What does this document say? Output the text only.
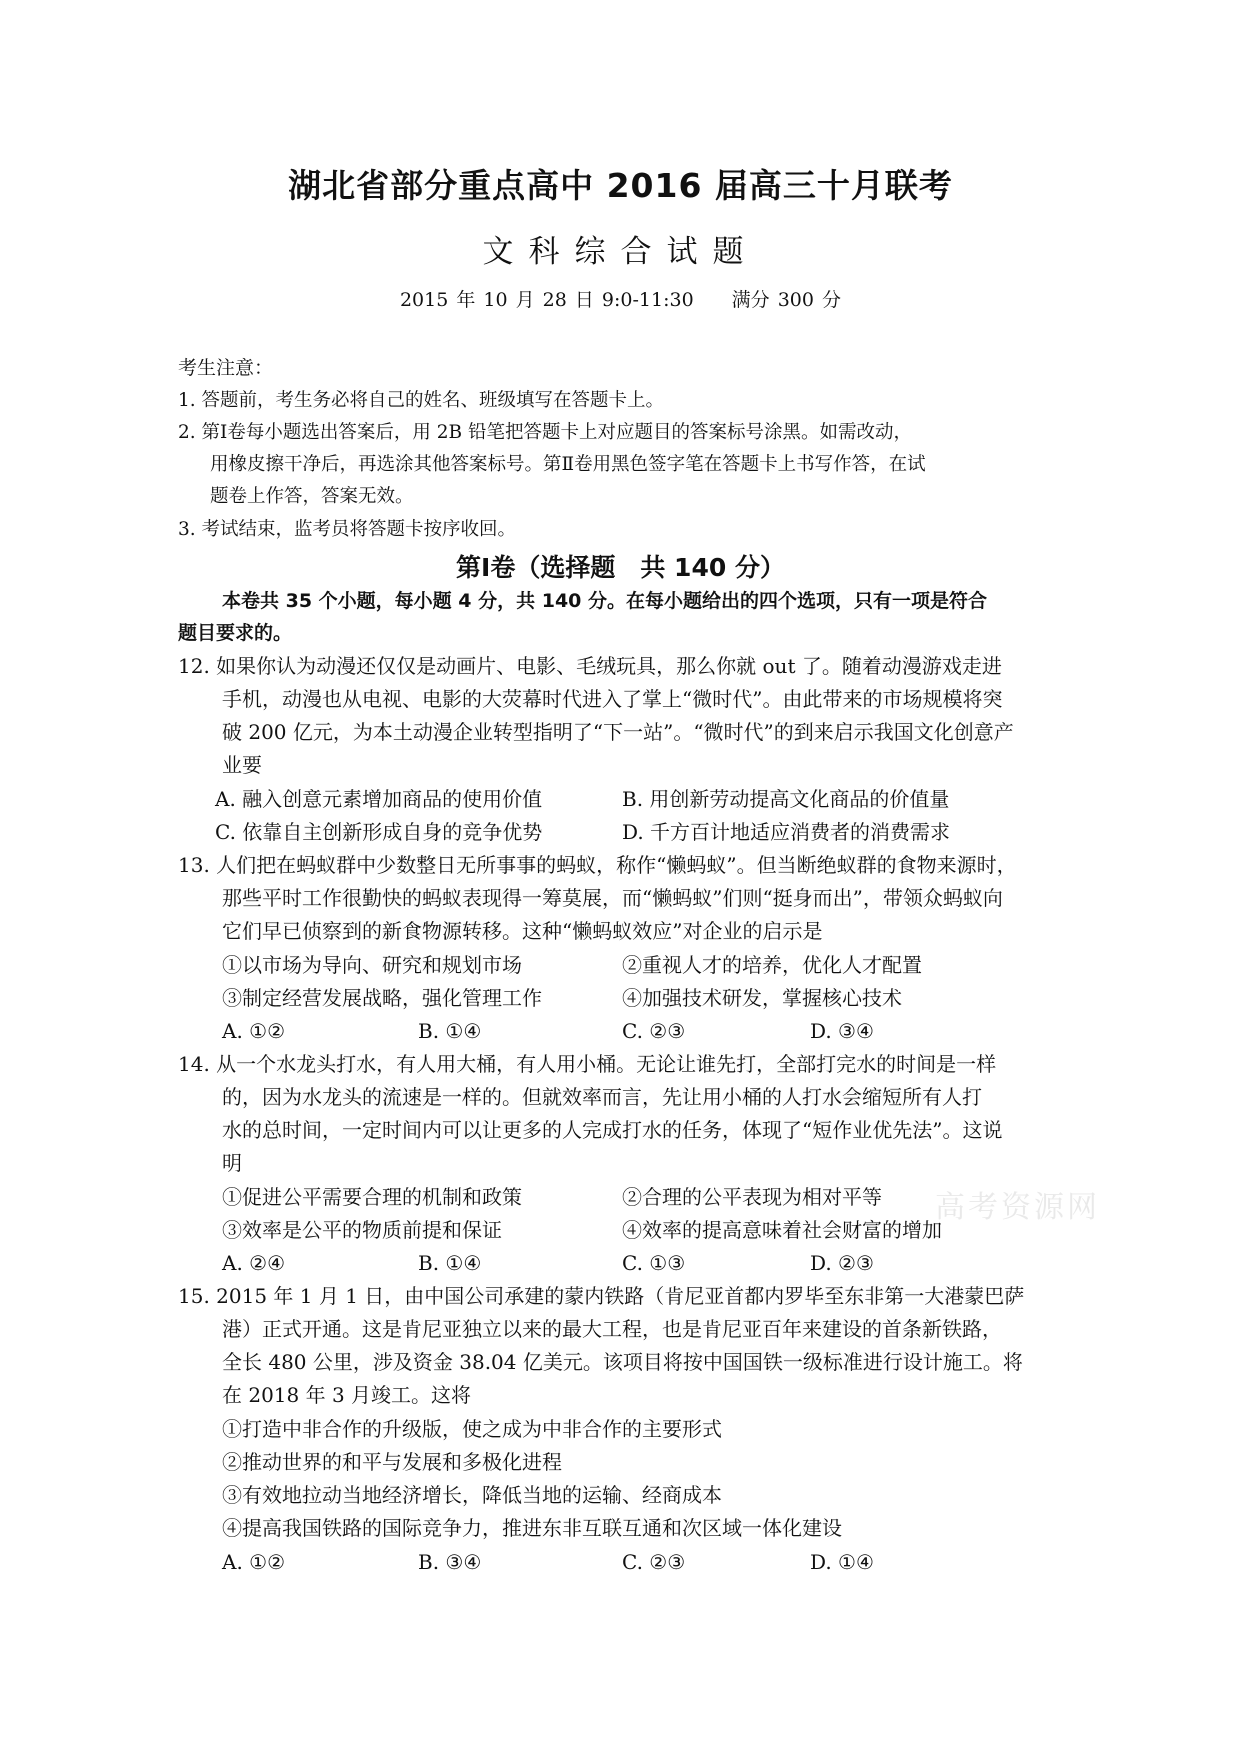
湖北省部分重点高中 2016 届高三十月联考
文科综合试题
2015 年 10 月 28 日 9:0-11:30　　满分 300 分
考生注意：
1. 答题前，考生务必将自己的姓名、班级填写在答题卡上。
2. 第Ⅰ卷每小题选出答案后，用 2B 铅笔把答题卡上对应题目的答案标号涂黑。如需改动，
用橡皮擦干净后，再选涂其他答案标号。第Ⅱ卷用黑色签字笔在答题卡上书写作答，在试
题卷上作答，答案无效。
3. 考试结束，监考员将答题卡按序收回。
第Ⅰ卷（选择题　共 140 分）
本卷共 35 个小题，每小题 4 分，共 140 分。在每小题给出的四个选项，只有一项是符合
题目要求的。
12. 如果你认为动漫还仅仅是动画片、电影、毛绒玩具，那么你就 out 了。随着动漫游戏走进
手机，动漫也从电视、电影的大荧幕时代进入了掌上“微时代”。由此带来的市场规模将突
破 200 亿元，为本土动漫企业转型指明了“下一站”。“微时代”的到来启示我国文化创意产
业要
A. 融入创意元素增加商品的使用价值	B. 用创新劳动提高文化商品的价值量
C. 依靠自主创新形成自身的竞争优势	D. 千方百计地适应消费者的消费需求
13. 人们把在蚂蚁群中少数整日无所事事的蚂蚁，称作“懒蚂蚁”。但当断绝蚁群的食物来源时，
那些平时工作很勤快的蚂蚁表现得一筹莫展，而“懒蚂蚁”们则“挺身而出”，带领众蚂蚁向
它们早已侦察到的新食物源转移。这种“懒蚂蚁效应”对企业的启示是
①以市场为导向、研究和规划市场	②重视人才的培养，优化人才配置
③制定经营发展战略，强化管理工作	④加强技术研发，掌握核心技术
A. ①②	B. ①④	C. ②③	D. ③④
14. 从一个水龙头打水，有人用大桶，有人用小桶。无论让谁先打，全部打完水的时间是一样
的，因为水龙头的流速是一样的。但就效率而言，先让用小桶的人打水会缩短所有人打
水的总时间，一定时间内可以让更多的人完成打水的任务，体现了“短作业优先法”。这说
明
①促进公平需要合理的机制和政策	②合理的公平表现为相对平等
③效率是公平的物质前提和保证	④效率的提高意味着社会财富的增加
A. ②④	B. ①④	C. ①③	D. ②③
15. 2015 年 1 月 1 日，由中国公司承建的蒙内铁路（肯尼亚首都内罗毕至东非第一大港蒙巴萨
港）正式开通。这是肯尼亚独立以来的最大工程，也是肯尼亚百年来建设的首条新铁路，
全长 480 公里，涉及资金 38.04 亿美元。该项目将按中国国铁一级标准进行设计施工。将
在 2018 年 3 月竣工。这将
①打造中非合作的升级版，使之成为中非合作的主要形式
②推动世界的和平与发展和多极化进程
③有效地拉动当地经济增长，降低当地的运输、经商成本
④提高我国铁路的国际竞争力，推进东非互联互通和次区域一体化建设
A. ①②	B. ③④	C. ②③	D. ①④
高考资源网
